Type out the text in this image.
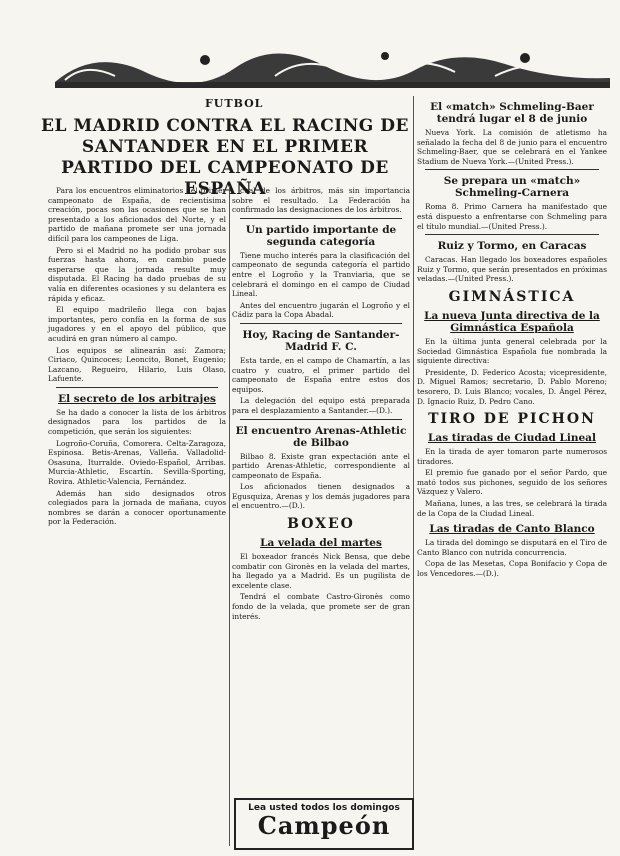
FUTBOL
EL MADRID CONTRA EL RACING DE SANTANDER EN EL PRIMER PARTIDO DEL CAMPEONATO DE ESPAÑA

Para los encuentros eliminatorios del primer campeonato de España, de recientísima creación, pocas son las ocasiones que se han presentado a los aficionados del Norte, y el partido de mañana promete ser una jornada difícil para los campeones de Liga.

Pero si el Madrid no ha podido probar sus fuerzas hasta ahora, en cambio puede esperarse que la jornada resulte muy disputada. El Racing ha dado pruebas de su valía en diferentes ocasiones y su delantera es rápida y eficaz.

El equipo madrileño llega con bajas importantes, pero confía en la forma de sus jugadores y en el apoyo del público, que acudirá en gran número al campo.

Los equipos se alinearán así: Zamora; Ciriaco, Quincoces; Leoncito, Bonet, Eugenio; Lazcano, Regueiro, Hilario, Luis Olaso, Lafuente.

El secreto de los arbitrajes

Se ha dado a conocer la lista de los árbitros designados para los partidos de la competición, que serán los siguientes:

Logroño-Coruña, Comorera. Celta-Zaragoza, Espinosa. Betis-Arenas, Valleña. Valladolid-Osasuna, Iturralde. Oviedo-Español, Arribas. Murcia-Athletic, Escartín. Sevilla-Sporting, Rovira. Athletic-Valencia, Fernández.

Además han sido designados otros colegiados para la jornada de mañana, cuyos nombres se darán a conocer oportunamente por la Federación.

cual de los árbitros, más sin importancia sobre el resultado. La Federación ha confirmado las designaciones de los árbitros.

Un partido importante de segunda categoría

Tiene mucho interés para la clasificación del campeonato de segunda categoría el partido entre el Logroño y la Tranviaria, que se celebrará el domingo en el campo de Ciudad Lineal.

Antes del encuentro jugarán el Logroño y el Cádiz para la Copa Abadal.

Hoy, Racing de Santander-Madrid F. C.

Esta tarde, en el campo de Chamartín, a las cuatro y cuatro, el primer partido del campeonato de España entre estos dos equipos.

La delegación del equipo está preparada para el desplazamiento a Santander.—(D.).

El encuentro Arenas-Athletic de Bilbao

Bilbao 8. Existe gran expectación ante el partido Arenas-Athletic, correspondiente al campeonato de España.

Los aficionados tienen designados a Egusquiza, Arenas y los demás jugadores para el encuentro.—(D.).

BOXEO
La velada del martes

El boxeador francés Nick Bensa, que debe combatir con Gironès en la velada del martes, ha llegado ya a Madrid. Es un pugilista de excelente clase.

Tendrá el combate Castro-Gironès como fondo de la velada, que promete ser de gran interés.

Lea usted todos los domingos
Campeón
El «match» Schmeling-Baer tendrá lugar el 8 de junio

Nueva York. La comisión de atletismo ha señalado la fecha del 8 de junio para el encuentro Schmeling-Baer, que se celebrará en el Yankee Stadium de Nueva York.—(United Press.).

Se prepara un «match» Schmeling-Carnera

Roma 8. Primo Carnera ha manifestado que está dispuesto a enfrentarse con Schmeling para el título mundial.—(United Press.).

Ruiz y Tormo, en Caracas

Caracas. Han llegado los boxeadores españoles Ruiz y Tormo, que serán presentados en próximas veladas.—(United Press.).

GIMNÁSTICA
La nueva Junta directiva de la Gimnástica Española

En la última junta general celebrada por la Sociedad Gimnástica Española fue nombrada la siguiente directiva:

Presidente, D. Federico Acosta; vicepresidente, D. Miguel Ramos; secretario, D. Pablo Moreno; tesorero, D. Luis Blanco; vocales, D. Ángel Pérez, D. Ignacio Ruiz, D. Pedro Cano.

TIRO DE PICHON
Las tiradas de Ciudad Lineal

En la tirada de ayer tomaron parte numerosos tiradores.

El premio fue ganado por el señor Pardo, que mató todos sus pichones, seguido de los señores Vázquez y Valero.

Mañana, lunes, a las tres, se celebrará la tirada de la Copa de la Ciudad Lineal.

Las tiradas de Canto Blanco

La tirada del domingo se disputará en el Tiro de Canto Blanco con nutrida concurrencia.

Copa de las Mesetas, Copa Bonifacio y Copa de los Vencedores.—(D.).
